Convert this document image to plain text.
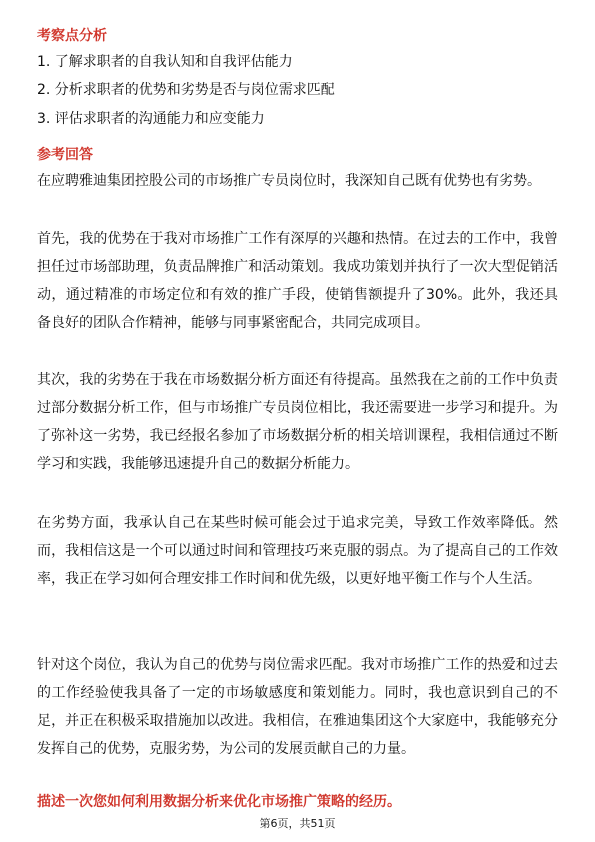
考察点分析
1. 了解求职者的自我认知和自我评估能力
2. 分析求职者的优势和劣势是否与岗位需求匹配
3. 评估求职者的沟通能力和应变能力
参考回答

在应聘雅迪集团控股公司的市场推广专员岗位时，我深知自己既有优势也有劣势。

首先，我的优势在于我对市场推广工作有深厚的兴趣和热情。在过去的工作中，我曾担任过市场部助理，负责品牌推广和活动策划。我成功策划并执行了一次大型促销活动，通过精准的市场定位和有效的推广手段，使销售额提升了30%。此外，我还具备良好的团队合作精神，能够与同事紧密配合，共同完成项目。

其次，我的劣势在于我在市场数据分析方面还有待提高。虽然我在之前的工作中负责过部分数据分析工作，但与市场推广专员岗位相比，我还需要进一步学习和提升。为了弥补这一劣势，我已经报名参加了市场数据分析的相关培训课程，我相信通过不断学习和实践，我能够迅速提升自己的数据分析能力。

在劣势方面，我承认自己在某些时候可能会过于追求完美，导致工作效率降低。然而，我相信这是一个可以通过时间和管理技巧来克服的弱点。为了提高自己的工作效率，我正在学习如何合理安排工作时间和优先级，以更好地平衡工作与个人生活。

针对这个岗位，我认为自己的优势与岗位需求匹配。我对市场推广工作的热爱和过去的工作经验使我具备了一定的市场敏感度和策划能力。同时，我也意识到自己的不足，并正在积极采取措施加以改进。我相信，在雅迪集团这个大家庭中，我能够充分发挥自己的优势，克服劣势，为公司的发展贡献自己的力量。

描述一次您如何利用数据分析来优化市场推广策略的经历。
第6页，共51页
